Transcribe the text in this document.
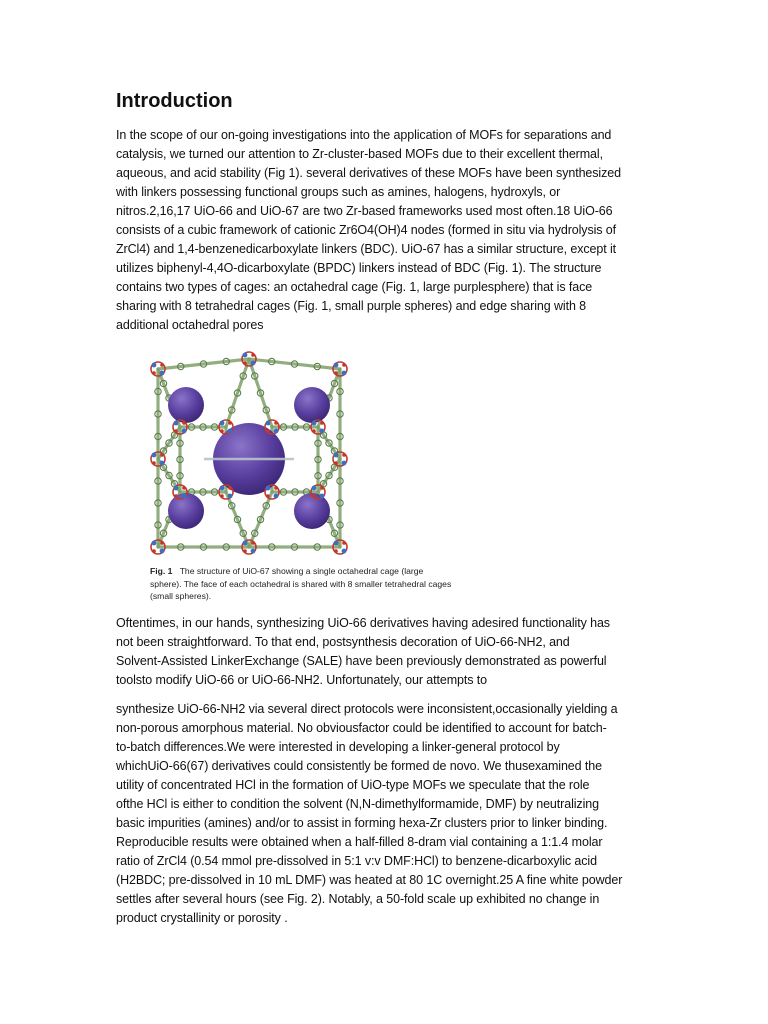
Introduction

In the scope of our on-going investigations into the application of MOFs for separations and
catalysis, we turned our attention to Zr-cluster-based MOFs due to their excellent thermal,
aqueous, and acid stability (Fig 1). several derivatives of these MOFs have been synthesized
with linkers possessing functional groups such as amines, halogens, hydroxyls, or
nitros.2,16,17 UiO-66 and UiO-67 are two Zr-based frameworks used most often.18 UiO-66
consists of a cubic framework of cationic Zr6O4(OH)4 nodes (formed in situ via hydrolysis of
ZrCl4) and 1,4-benzenedicarboxylate linkers (BDC). UiO-67 has a similar structure, except it
utilizes biphenyl-4,4O-dicarboxylate (BPDC) linkers instead of BDC (Fig. 1). The structure
contains two types of cages: an octahedral cage (Fig. 1, large purplesphere) that is face
sharing with 8 tetrahedral cages (Fig. 1, small purple spheres) and edge sharing with 8
additional octahedral pores

Fig. 1 The structure of UiO-67 showing a single octahedral cage (large
sphere). The face of each octahedral is shared with 8 smaller tetrahedral cages
(small spheres).

Oftentimes, in our hands, synthesizing UiO-66 derivatives having adesired functionality has
not been straightforward. To that end, postsynthesis decoration of UiO-66-NH2, and
Solvent-Assisted LinkerExchange (SALE) have been previously demonstrated as powerful
toolsto modify UiO-66 or UiO-66-NH2. Unfortunately, our attempts to

synthesize UiO-66-NH2 via several direct protocols were inconsistent,occasionally yielding a
non-porous amorphous material. No obviousfactor could be identified to account for batch-
to-batch differences.We were interested in developing a linker-general protocol by
whichUiO-66(67) derivatives could consistently be formed de novo. We thusexamined the
utility of concentrated HCl in the formation of UiO-type MOFs we speculate that the role
ofthe HCl is either to condition the solvent (N,N-dimethylformamide, DMF) by neutralizing
basic impurities (amines) and/or to assist in forming hexa-Zr clusters prior to linker binding.
Reproducible results were obtained when a half-filled 8-dram vial containing a 1:1.4 molar
ratio of ZrCl4 (0.54 mmol pre-dissolved in 5:1 v:v DMF:HCl) to benzene-dicarboxylic acid
(H2BDC; pre-dissolved in 10 mL DMF) was heated at 80 1C overnight.25 A fine white powder
settles after several hours (see Fig. 2). Notably, a 50-fold scale up exhibited no change in
product crystallinity or porosity .
